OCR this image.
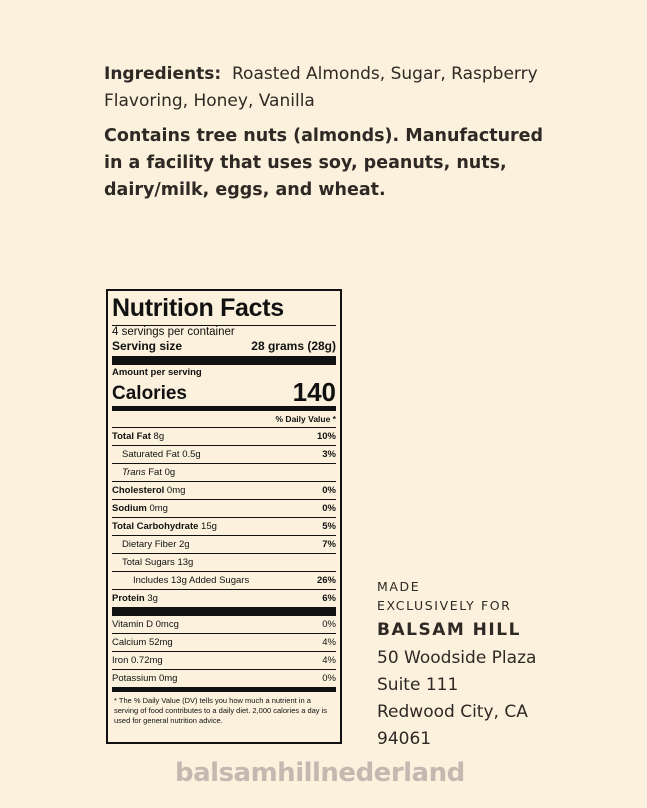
Ingredients: Roasted Almonds, Sugar, Raspberry Flavoring, Honey, Vanilla
Contains tree nuts (almonds). Manufactured in a facility that uses soy, peanuts, nuts, dairy/milk, eggs, and wheat.
Nutrition Facts
4 servings per container
Serving size	28 grams (28g)
Amount per serving
Calories	140
% Daily Value *
Total Fat 8g	10%
Saturated Fat 0.5g	3%
Trans Fat 0g
Cholesterol 0mg	0%
Sodium 0mg	0%
Total Carbohydrate 15g	5%
Dietary Fiber 2g	7%
Total Sugars 13g
Includes 13g Added Sugars	26%
Protein 3g	6%
Vitamin D 0mcg	0%
Calcium 52mg	4%
Iron 0.72mg	4%
Potassium 0mg	0%
* The % Daily Value (DV) tells you how much a nutrient in a serving of food contributes to a daily diet. 2,000 calories a day is used for general nutrition advice.
MADE
EXCLUSIVELY FOR
BALSAM HILL
50 Woodside Plaza
Suite 111
Redwood City, CA
94061
balsamhillnederland
